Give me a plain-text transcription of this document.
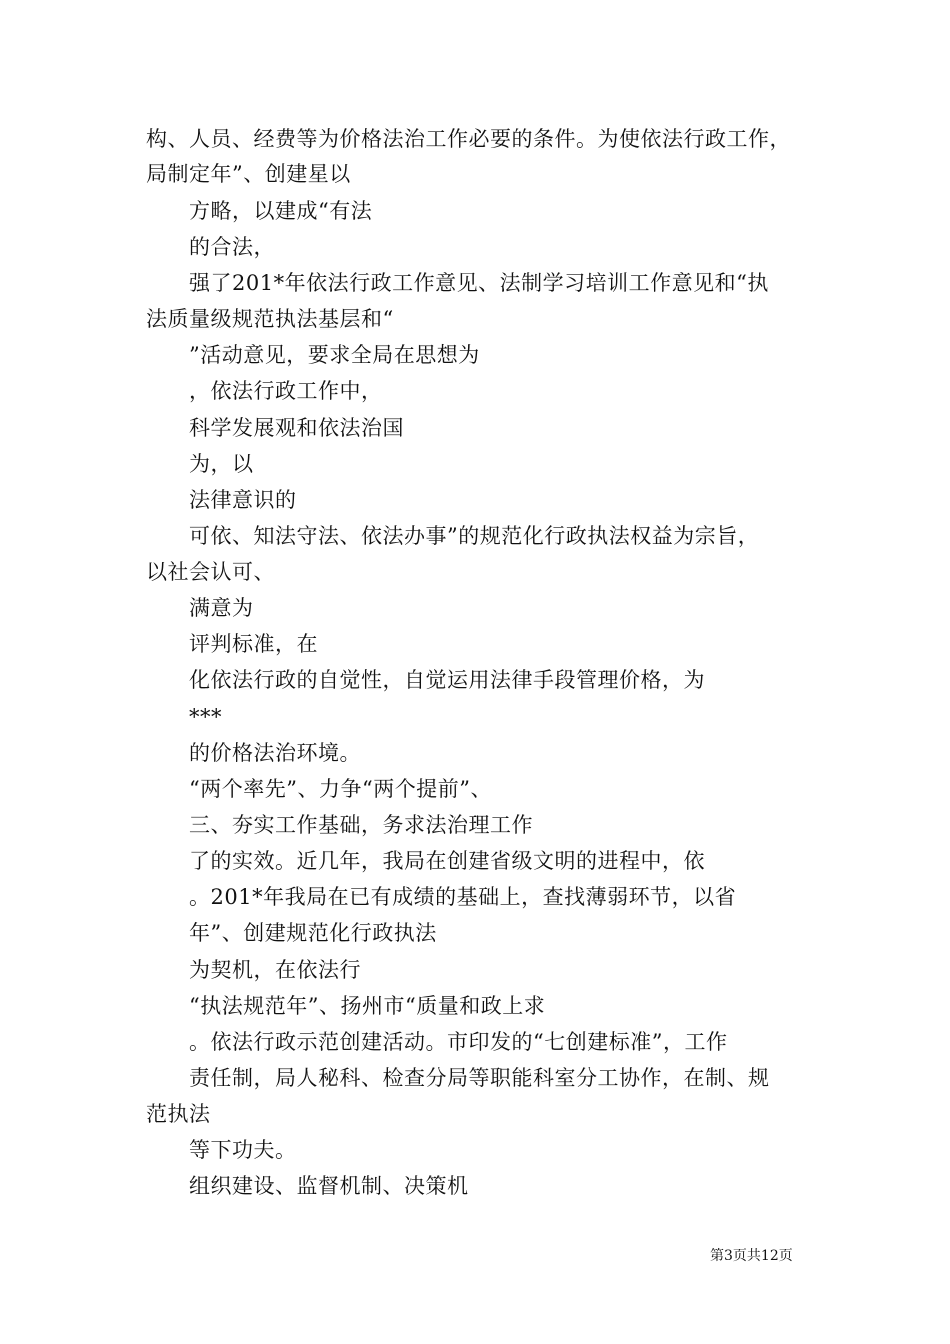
构、人员、经费等为价格法治工作必要的条件。为使依法行政工作，
局制定年”、创建星以
方略，以建成“有法
的合法，
强了201*年依法行政工作意见、法制学习培训工作意见和“执
法质量级规范执法基层和“
”活动意见，要求全局在思想为
，依法行政工作中，
科学发展观和依法治国
为，以
法律意识的
可依、知法守法、依法办事”的规范化行政执法权益为宗旨，
以社会认可、
满意为
评判标准，在
化依法行政的自觉性，自觉运用法律手段管理价格，为
***
的价格法治环境。
“两个率先”、力争“两个提前”、
三、夯实工作基础，务求法治理工作
了的实效。近几年，我局在创建省级文明的进程中，依
。201*年我局在已有成绩的基础上，查找薄弱环节，以省
年”、创建规范化行政执法
为契机，在依法行
“执法规范年”、扬州市“质量和政上求
。依法行政示范创建活动。市印发的“七创建标准”，工作
责任制，局人秘科、检查分局等职能科室分工协作，在制、规
范执法
等下功夫。
组织建设、监督机制、决策机
第3页共12页
